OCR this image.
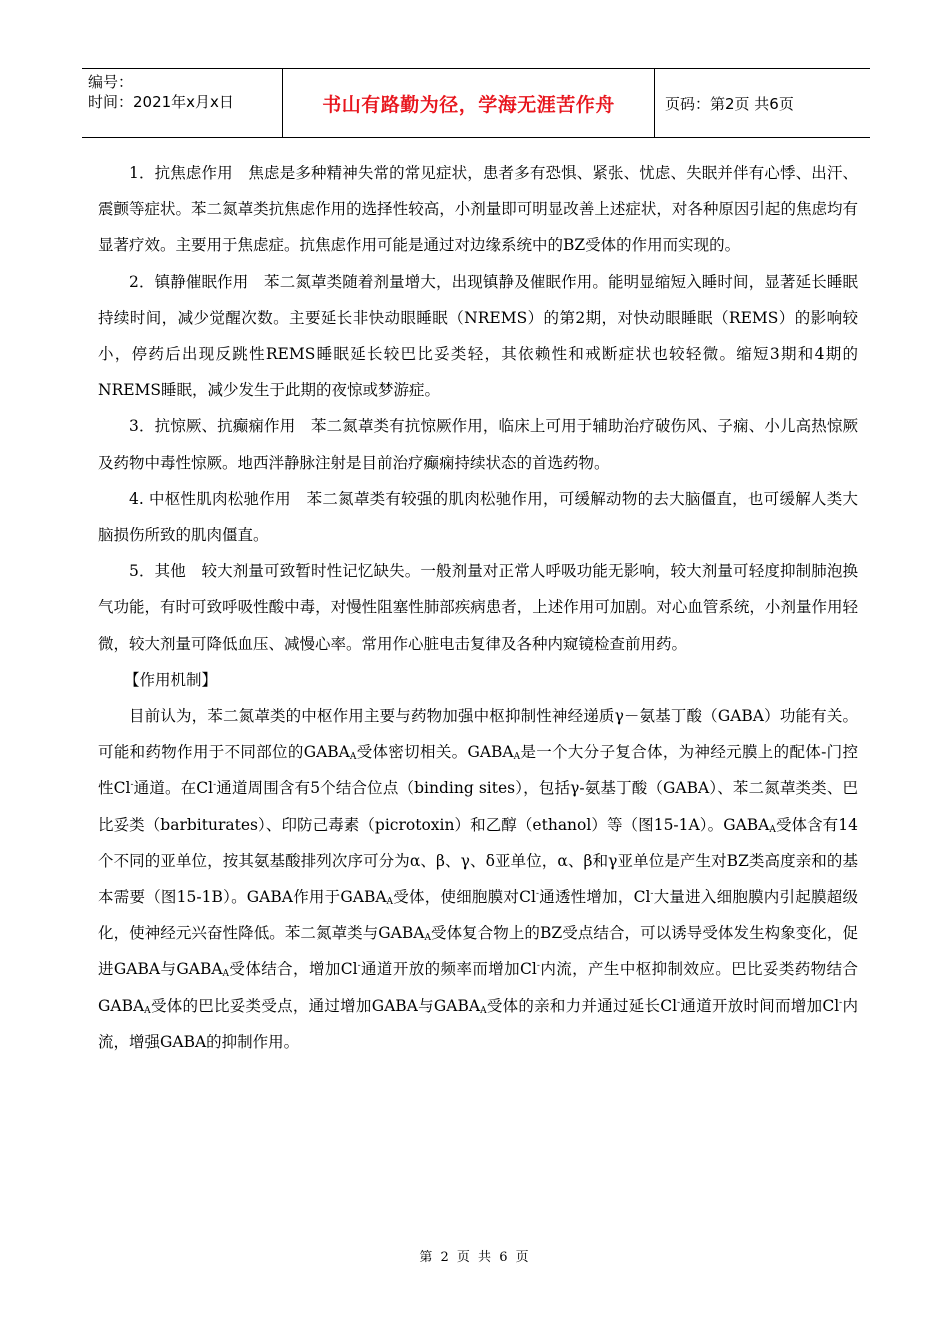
编号：
时间：2021年x月x日	书山有路勤为径，学海无涯苦作舟	页码：第2页 共6页

1．抗焦虑作用　焦虑是多种精神失常的常见症状，患者多有恐惧、紧张、忧虑、失眠并伴有心悸、出汗、震颤等症状。苯二氮䓬类抗焦虑作用的选择性较高，小剂量即可明显改善上述症状，对各种原因引起的焦虑均有显著疗效。主要用于焦虑症。抗焦虑作用可能是通过对边缘系统中的BZ受体的作用而实现的。

2．镇静催眠作用　苯二氮䓬类随着剂量增大，出现镇静及催眠作用。能明显缩短入睡时间，显著延长睡眠持续时间，减少觉醒次数。主要延长非快动眼睡眠（NREMS）的第2期，对快动眼睡眠（REMS）的影响较小，停药后出现反跳性REMS睡眠延长较巴比妥类轻，其依赖性和戒断症状也较轻微。缩短3期和4期的NREMS睡眠，减少发生于此期的夜惊或梦游症。

3．抗惊厥、抗癫痫作用　苯二氮䓬类有抗惊厥作用，临床上可用于辅助治疗破伤风、子痫、小儿高热惊厥及药物中毒性惊厥。地西泮静脉注射是目前治疗癫痫持续状态的首选药物。

4. 中枢性肌肉松驰作用　苯二氮䓬类有较强的肌肉松驰作用，可缓解动物的去大脑僵直，也可缓解人类大脑损伤所致的肌肉僵直。

5．其他　较大剂量可致暂时性记忆缺失。一般剂量对正常人呼吸功能无影响，较大剂量可轻度抑制肺泡换气功能，有时可致呼吸性酸中毒，对慢性阻塞性肺部疾病患者，上述作用可加剧。对心血管系统，小剂量作用轻微，较大剂量可降低血压、减慢心率。常用作心脏电击复律及各种内窥镜检查前用药。

【作用机制】

目前认为，苯二氮䓬类的中枢作用主要与药物加强中枢抑制性神经递质γ－氨基丁酸（GABA）功能有关。可能和药物作用于不同部位的$GABA_A$受体密切相关。$GABA_A$是一个大分子复合体，为神经元膜上的配体-门控性Cl-通道。在Cl-通道周围含有5个结合位点（binding sites），包括γ-氨基丁酸（GABA）、苯二氮䓬类类、巴比妥类（barbiturates）、印防己毒素（picrotoxin）和乙醇（ethanol）等（图15-1A）。$GABA_A$受体含有14个不同的亚单位，按其氨基酸排列次序可分为α、β、γ、δ亚单位，α、β和γ亚单位是产生对BZ类高度亲和的基本需要（图15-1B）。GABA作用于$GABA_A$受体，使细胞膜对Cl-通透性增加，Cl-大量进入细胞膜内引起膜超级化，使神经元兴奋性降低。苯二氮䓬类与$GABA_A$受体复合物上的BZ受点结合，可以诱导受体发生构象变化，促进GABA与$GABA_A$受体结合，增加Cl-通道开放的频率而增加Cl-内流，产生中枢抑制效应。巴比妥类药物结合$GABA_A$受体的巴比妥类受点，通过增加GABA与$GABA_A$受体的亲和力并通过延长Cl-通道开放时间而增加Cl-内流，增强GABA的抑制作用。

第 2 页 共 6 页
